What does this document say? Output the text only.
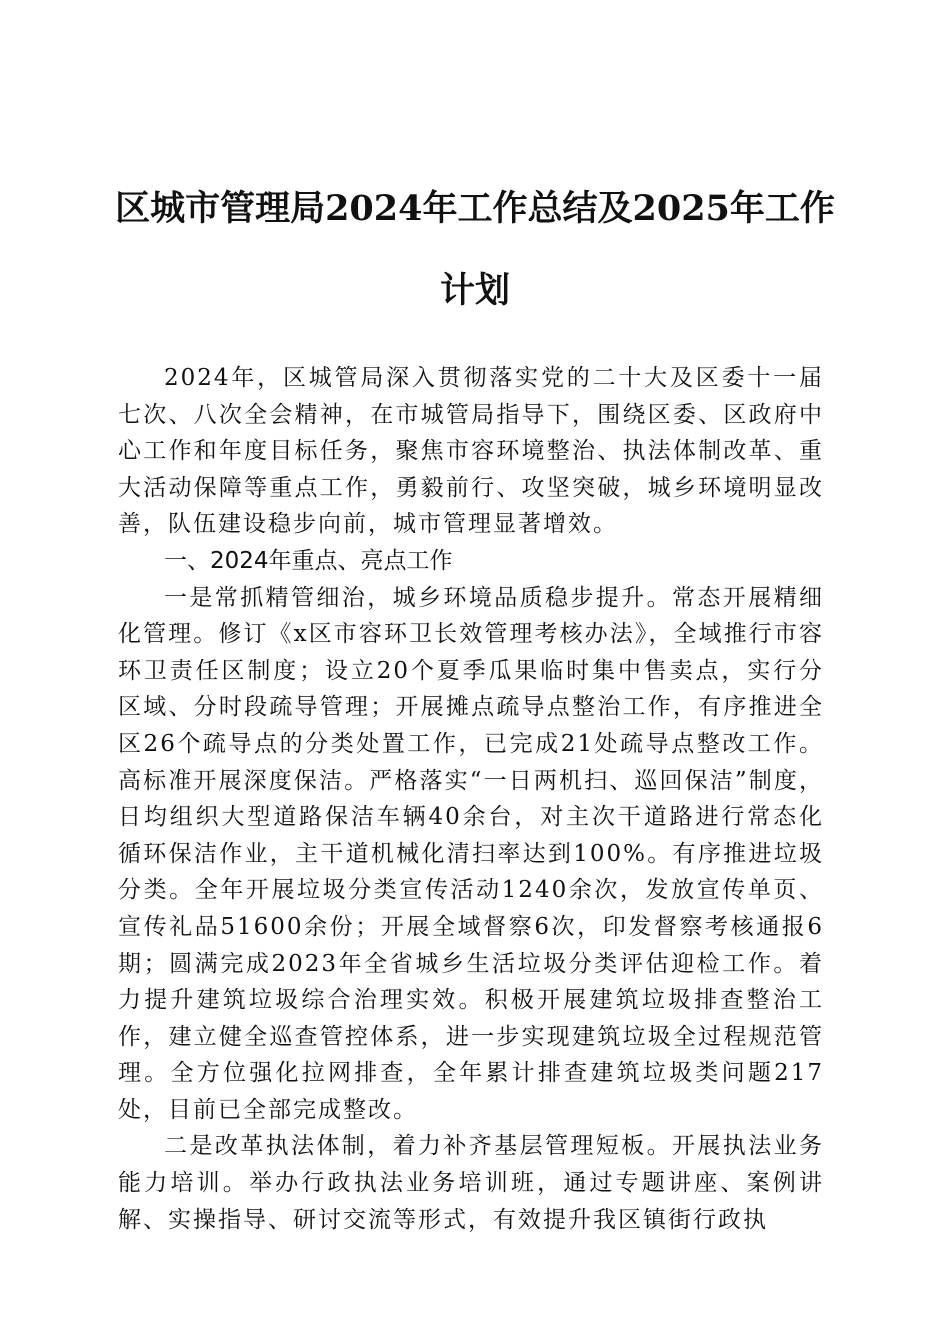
区城市管理局2024年工作总结及2025年工作计划

2024年，区城管局深入贯彻落实党的二十大及区委十一届七次、八次全会精神，在市城管局指导下，围绕区委、区政府中心工作和年度目标任务，聚焦市容环境整治、执法体制改革、重大活动保障等重点工作，勇毅前行、攻坚突破，城乡环境明显改善，队伍建设稳步向前，城市管理显著增效。

一、2024年重点、亮点工作

一是常抓精管细治，城乡环境品质稳步提升。常态开展精细化管理。修订《x区市容环卫长效管理考核办法》，全域推行市容环卫责任区制度；设立20个夏季瓜果临时集中售卖点，实行分区域、分时段疏导管理；开展摊点疏导点整治工作，有序推进全区26个疏导点的分类处置工作，已完成21处疏导点整改工作。高标准开展深度保洁。严格落实“一日两机扫、巡回保洁”制度，日均组织大型道路保洁车辆40余台，对主次干道路进行常态化循环保洁作业，主干道机械化清扫率达到100%。有序推进垃圾分类。全年开展垃圾分类宣传活动1240余次，发放宣传单页、宣传礼品51600余份；开展全域督察6次，印发督察考核通报6期；圆满完成2023年全省城乡生活垃圾分类评估迎检工作。着力提升建筑垃圾综合治理实效。积极开展建筑垃圾排查整治工作，建立健全巡查管控体系，进一步实现建筑垃圾全过程规范管理。全方位强化拉网排查，全年累计排查建筑垃圾类问题217处，目前已全部完成整改。

二是改革执法体制，着力补齐基层管理短板。开展执法业务能力培训。举办行政执法业务培训班，通过专题讲座、案例讲解、实操指导、研讨交流等形式，有效提升我区镇街行政执
